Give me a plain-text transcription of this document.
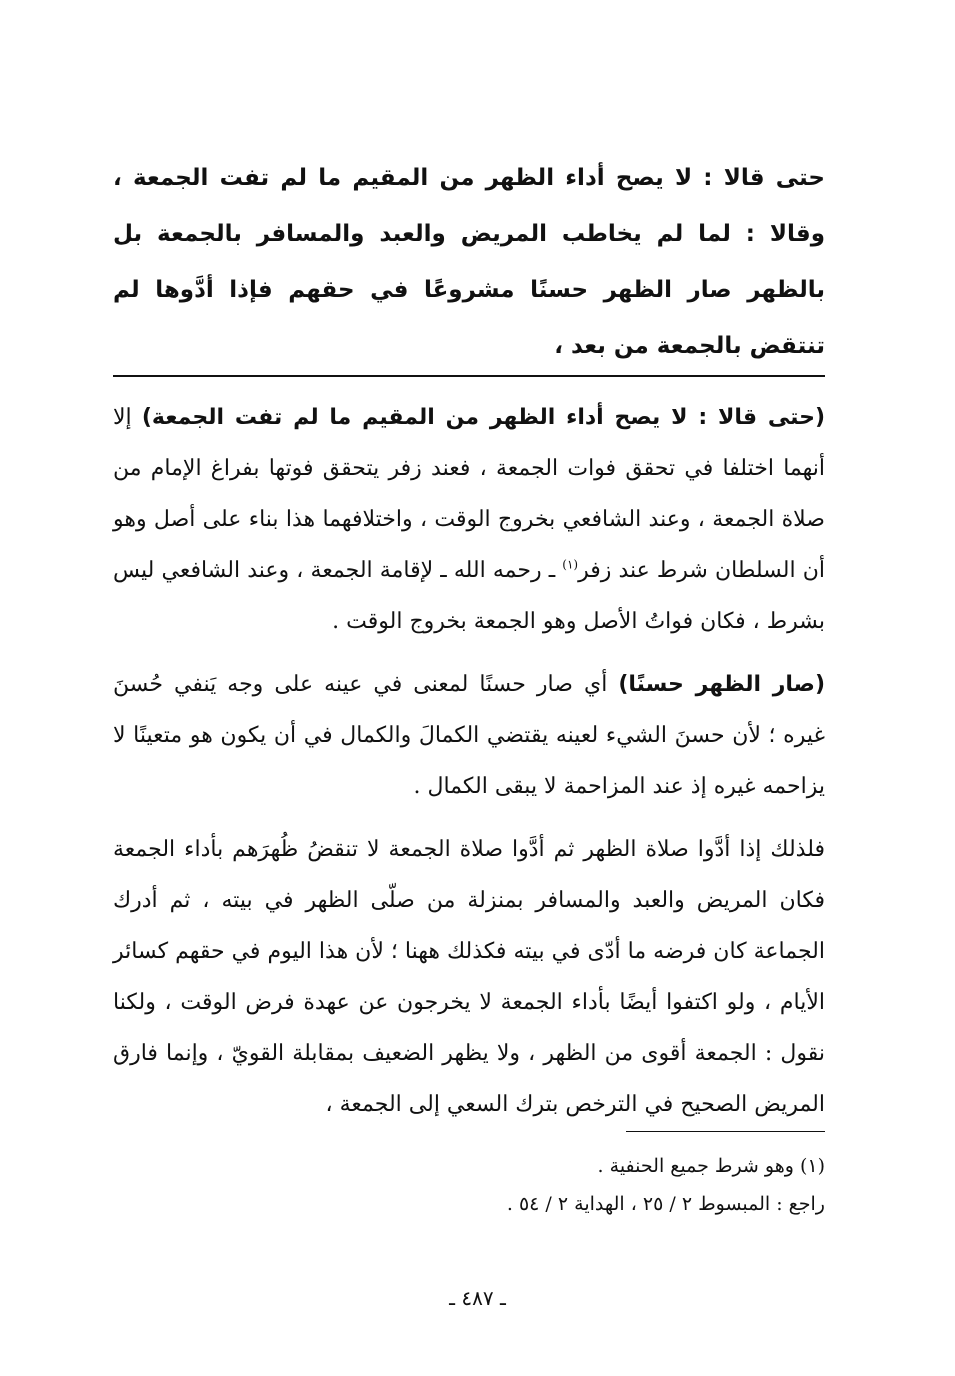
حتى قالا : لا يصح أداء الظهر من المقيم ما لم تفت الجمعة ، وقالا : لما لم يخاطب المريض والعبد والمسافر بالجمعة بل بالظهر صار الظهر حسنًا مشروعًا في حقهم فإذا أدَّوها لم تنتقض بالجمعة من بعد ،

(حتى قالا : لا يصح أداء الظهر من المقيم ما لم تفت الجمعة) إلا أنهما اختلفا في تحقق فوات الجمعة ، فعند زفر يتحقق فوتها بفراغ الإمام من صلاة الجمعة ، وعند الشافعي بخروج الوقت ، واختلافهما هذا بناء على أصل وهو أن السلطان شرط عند زفر$^{(١)}$ ـ رحمه الله ـ لإقامة الجمعة ، وعند الشافعي ليس بشرط ، فكان فواتُ الأصل وهو الجمعة بخروج الوقت .

(صار الظهر حسنًا) أي صار حسنًا لمعنى في عينه على وجه يَنفي حُسنَ غيره ؛ لأن حسنَ الشيء لعينه يقتضي الكمالَ والكمال في أن يكون هو متعينًا لا يزاحمه غيره إذ عند المزاحمة لا يبقى الكمال .

فلذلك إذا أدَّوا صلاة الظهر ثم أدَّوا صلاة الجمعة لا تنقضُ ظُهرَهم بأداء الجمعة فكان المريض والعبد والمسافر بمنزلة من صلّى الظهر في بيته ، ثم أدرك الجماعة كان فرضه ما أدّى في بيته فكذلك ههنا ؛ لأن هذا اليوم في حقهم كسائر الأيام ، ولو اكتفوا أيضًا بأداء الجمعة لا يخرجون عن عهدة فرض الوقت ، ولكنا نقول : الجمعة أقوى من الظهر ، ولا يظهر الضعيف بمقابلة القويّ ، وإنما فارق المريض الصحيح في الترخص بترك السعي إلى الجمعة ،

(١) وهو شرط جميع الحنفية .
راجع : المبسوط ٢ / ٢٥ ، الهداية ٢ / ٥٤ .
ـ ٤٨٧ ـ
